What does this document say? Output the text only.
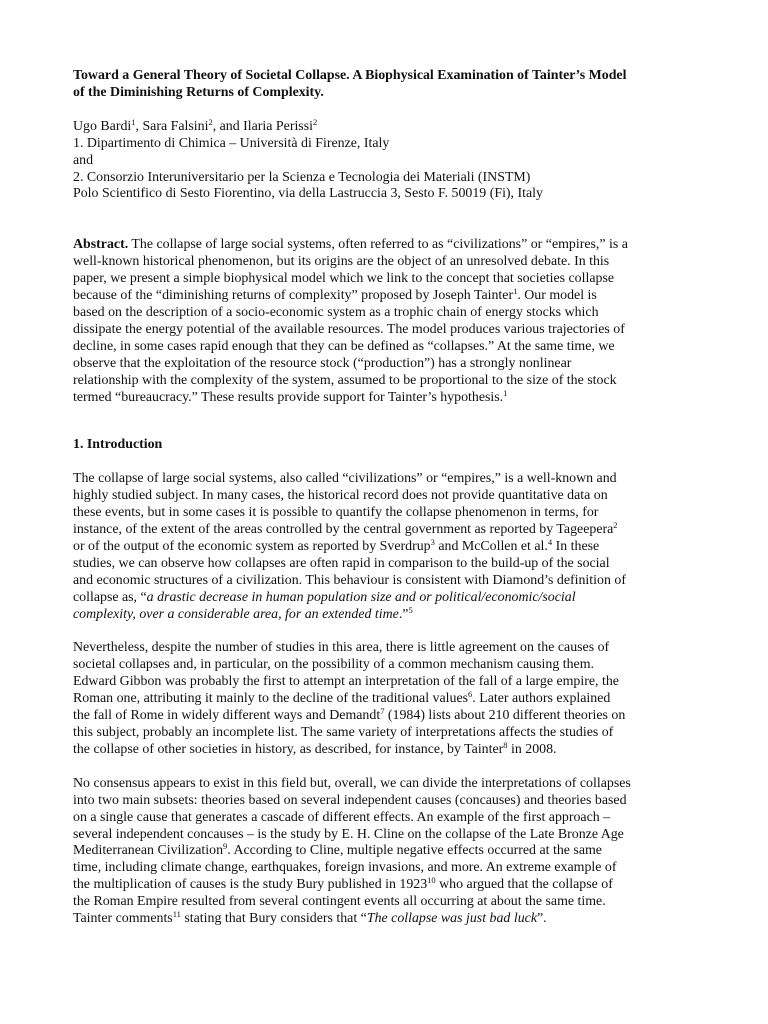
Toward a General Theory of Societal Collapse. A Biophysical Examination of Tainter’s Model
of the Diminishing Returns of Complexity.
Ugo Bardi$^1$, Sara Falsini$^2$, and Ilaria Perissi$^2$
1. Dipartimento di Chimica – Università di Firenze, Italy
and
2. Consorzio Interuniversitario per la Scienza e Tecnologia dei Materiali (INSTM)
Polo Scientifico di Sesto Fiorentino, via della Lastruccia 3, Sesto F. 50019 (Fi), Italy
Abstract. The collapse of large social systems, often referred to as “civilizations” or “empires,” is a
well-known historical phenomenon, but its origins are the object of an unresolved debate. In this
paper, we present a simple biophysical model which we link to the concept that societies collapse
because of the “diminishing returns of complexity” proposed by Joseph Tainter$^1$. Our model is
based on the description of a socio-economic system as a trophic chain of energy stocks which
dissipate the energy potential of the available resources. The model produces various trajectories of
decline, in some cases rapid enough that they can be defined as “collapses.” At the same time, we
observe that the exploitation of the resource stock (“production”) has a strongly nonlinear
relationship with the complexity of the system, assumed to be proportional to the size of the stock
termed “bureaucracy.” These results provide support for Tainter’s hypothesis.$^1$
1. Introduction
The collapse of large social systems, also called “civilizations” or “empires,” is a well-known and
highly studied subject. In many cases, the historical record does not provide quantitative data on
these events, but in some cases it is possible to quantify the collapse phenomenon in terms, for
instance, of the extent of the areas controlled by the central government as reported by Tageepera$^2$
or of the output of the economic system as reported by Sverdrup$^3$ and McCollen et al.$^4$ In these
studies, we can observe how collapses are often rapid in comparison to the build-up of the social
and economic structures of a civilization. This behaviour is consistent with Diamond’s definition of
collapse as, “a drastic decrease in human population size and or political/economic/social
complexity, over a considerable area, for an extended time.”$^5$
Nevertheless, despite the number of studies in this area, there is little agreement on the causes of
societal collapses and, in particular, on the possibility of a common mechanism causing them.
Edward Gibbon was probably the first to attempt an interpretation of the fall of a large empire, the
Roman one, attributing it mainly to the decline of the traditional values$^6$. Later authors explained
the fall of Rome in widely different ways and Demandt$^7$ (1984) lists about 210 different theories on
this subject, probably an incomplete list. The same variety of interpretations affects the studies of
the collapse of other societies in history, as described, for instance, by Tainter$^8$ in 2008.
No consensus appears to exist in this field but, overall, we can divide the interpretations of collapses
into two main subsets: theories based on several independent causes (concauses) and theories based
on a single cause that generates a cascade of different effects. An example of the first approach –
several independent concauses – is the study by E. H. Cline on the collapse of the Late Bronze Age
Mediterranean Civilization$^9$. According to Cline, multiple negative effects occurred at the same
time, including climate change, earthquakes, foreign invasions, and more. An extreme example of
the multiplication of causes is the study Bury published in 1923$^{10}$ who argued that the collapse of
the Roman Empire resulted from several contingent events all occurring at about the same time.
Tainter comments$^{11}$ stating that Bury considers that “The collapse was just bad luck”.
